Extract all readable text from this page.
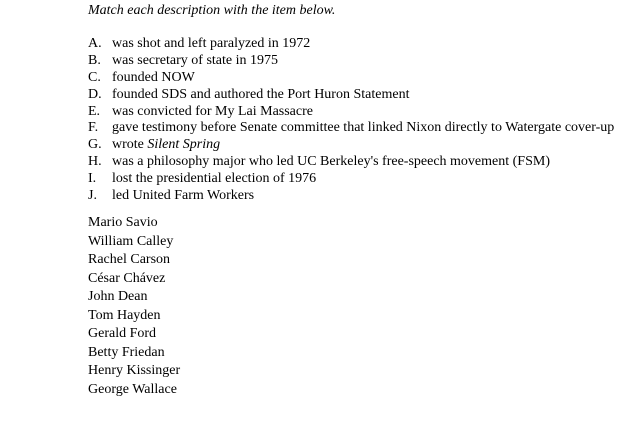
Match each description with the item below.
A. was shot and left paralyzed in 1972
B. was secretary of state in 1975
C. founded NOW
D. founded SDS and authored the Port Huron Statement
E. was convicted for My Lai Massacre
F. gave testimony before Senate committee that linked Nixon directly to Watergate cover-up
G. wrote Silent Spring
H. was a philosophy major who led UC Berkeley's free-speech movement (FSM)
I. lost the presidential election of 1976
J. led United Farm Workers
Mario Savio
William Calley
Rachel Carson
César Chávez
John Dean
Tom Hayden
Gerald Ford
Betty Friedan
Henry Kissinger
George Wallace
